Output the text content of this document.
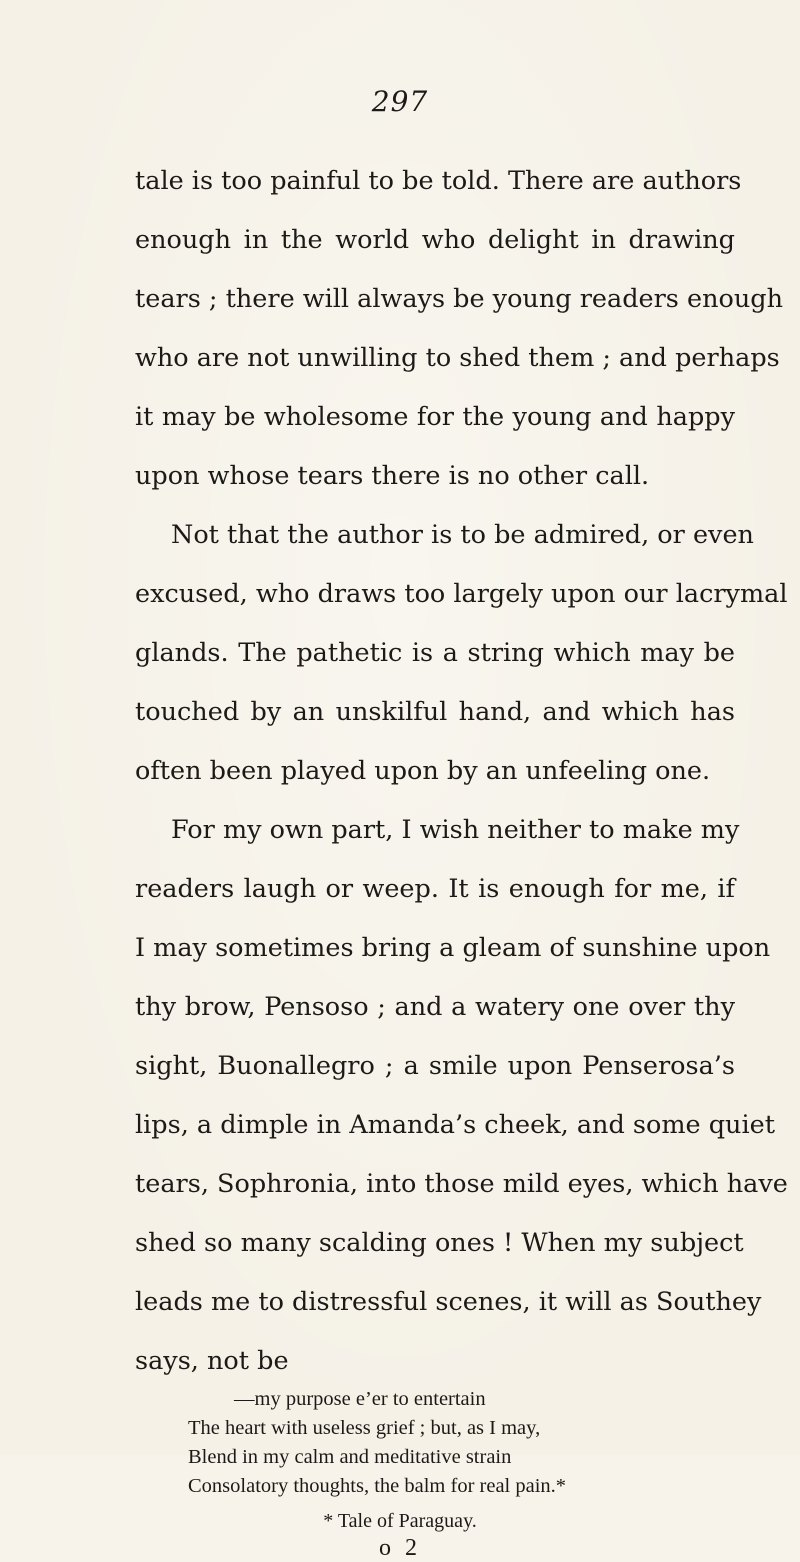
297
tale is too painful to be told. There are authors
enough in the world who delight in drawing
tears ; there will always be young readers enough
who are not unwilling to shed them ; and perhaps
it may be wholesome for the young and happy
upon whose tears there is no other call.
Not that the author is to be admired, or even
excused, who draws too largely upon our lacrymal
glands. The pathetic is a string which may be
touched by an unskilful hand, and which has
often been played upon by an unfeeling one.
For my own part, I wish neither to make my
readers laugh or weep. It is enough for me, if
I may sometimes bring a gleam of sunshine upon
thy brow, Pensoso ; and a watery one over thy
sight, Buonallegro ; a smile upon Penserosa’s
lips, a dimple in Amanda’s cheek, and some quiet
tears, Sophronia, into those mild eyes, which have
shed so many scalding ones ! When my subject
leads me to distressful scenes, it will as Southey
says, not be
—my purpose e’er to entertain
The heart with useless grief ; but, as I may,
Blend in my calm and meditative strain
Consolatory thoughts, the balm for real pain.*
* Tale of Paraguay.
o 2
